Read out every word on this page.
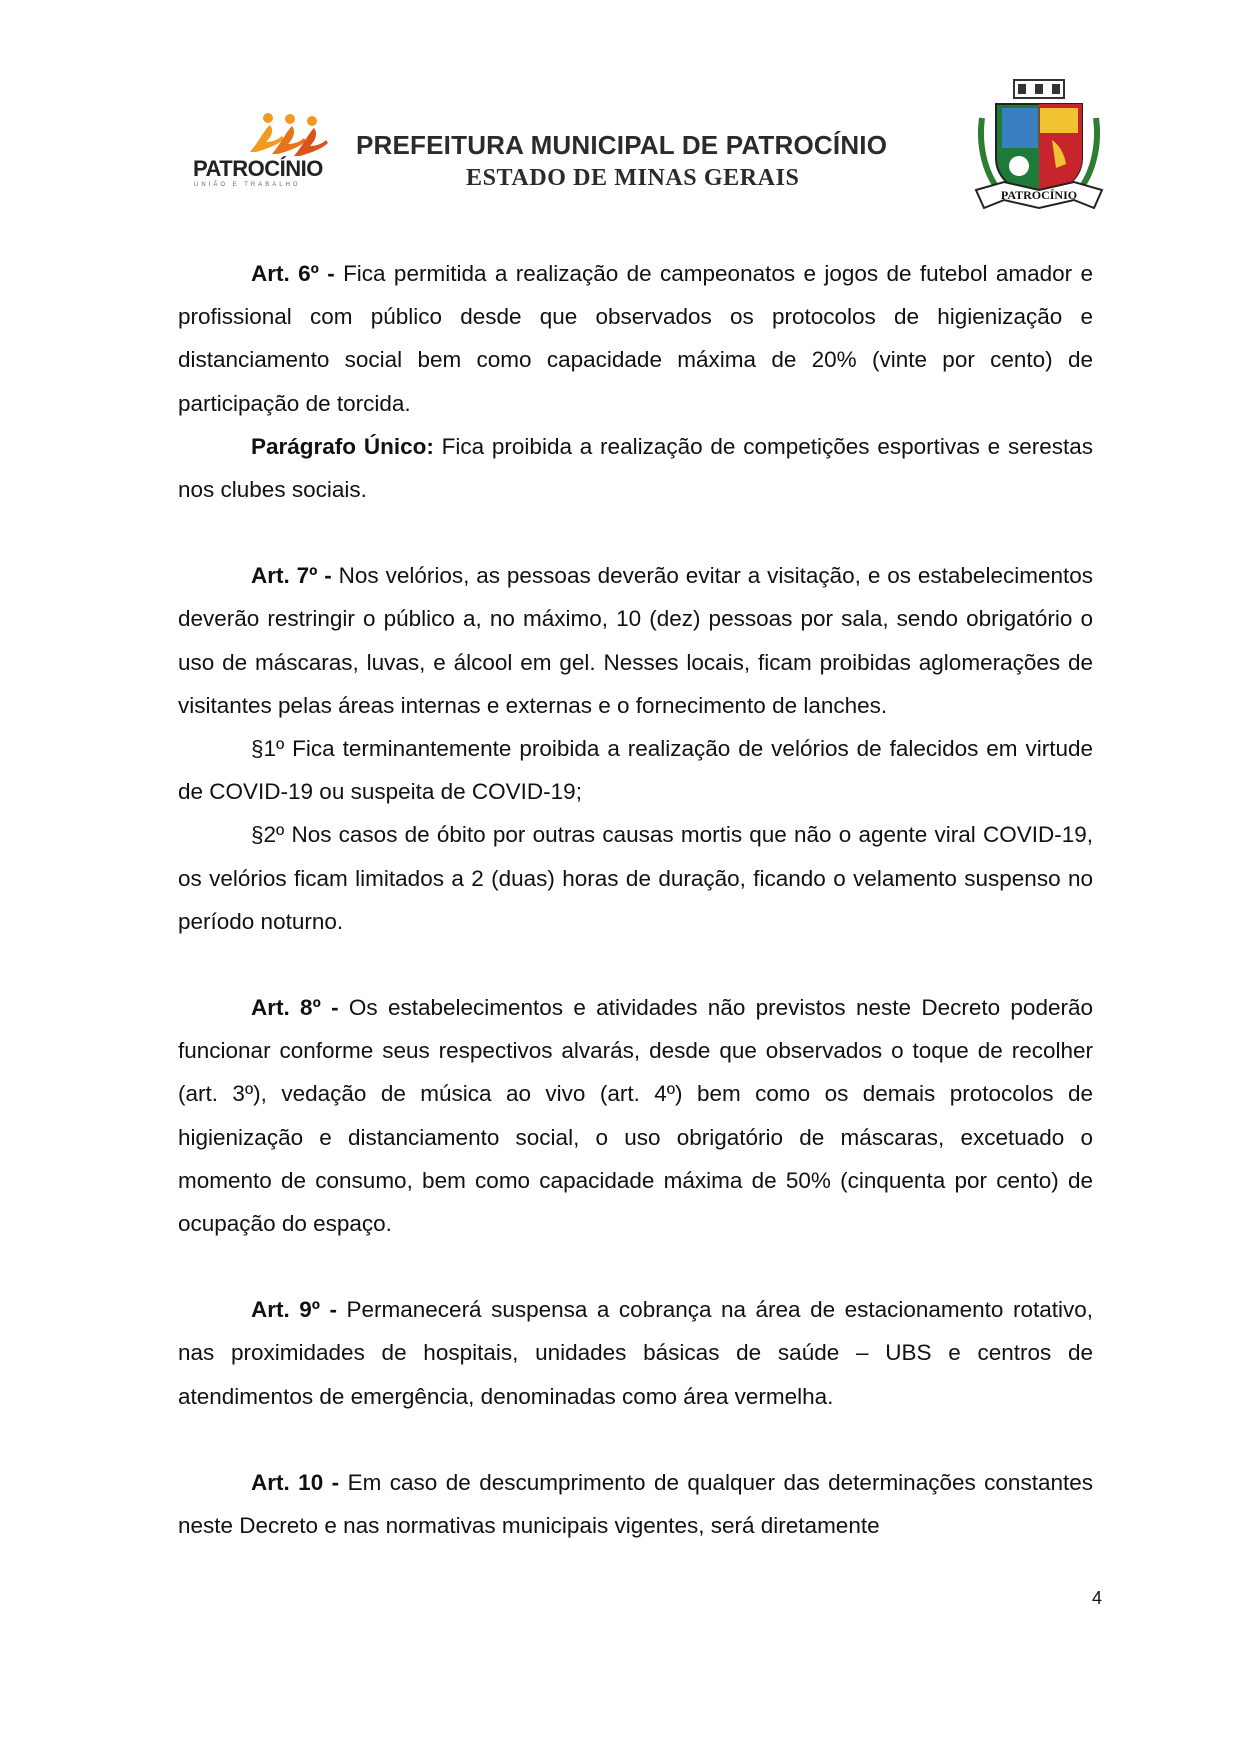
PATROCÍNIO
UNIÃO E TRABALHO
PREFEITURA MUNICIPAL DE PATROCÍNIO
ESTADO DE MINAS GERAIS
PATROCÍNIO

Art. 6º - Fica permitida a realização de campeonatos e jogos de futebol amador e profissional com público desde que observados os protocolos de higienização e distanciamento social bem como capacidade máxima de 20% (vinte por cento) de participação de torcida.

Parágrafo Único: Fica proibida a realização de competições esportivas e serestas nos clubes sociais.

Art. 7º - Nos velórios, as pessoas deverão evitar a visitação, e os estabelecimentos deverão restringir o público a, no máximo, 10 (dez) pessoas por sala, sendo obrigatório o uso de máscaras, luvas, e álcool em gel. Nesses locais, ficam proibidas aglomerações de visitantes pelas áreas internas e externas e o fornecimento de lanches.

§1º Fica terminantemente proibida a realização de velórios de falecidos em virtude de COVID-19 ou suspeita de COVID-19;

§2º Nos casos de óbito por outras causas mortis que não o agente viral COVID-19, os velórios ficam limitados a 2 (duas) horas de duração, ficando o velamento suspenso no período noturno.

Art. 8º - Os estabelecimentos e atividades não previstos neste Decreto poderão funcionar conforme seus respectivos alvarás, desde que observados o toque de recolher (art. 3º), vedação de música ao vivo (art. 4º) bem como os demais protocolos de higienização e distanciamento social, o uso obrigatório de máscaras, excetuado o momento de consumo, bem como capacidade máxima de 50% (cinquenta por cento) de ocupação do espaço.

Art. 9º - Permanecerá suspensa a cobrança na área de estacionamento rotativo, nas proximidades de hospitais, unidades básicas de saúde – UBS e centros de atendimentos de emergência, denominadas como área vermelha.

Art. 10 - Em caso de descumprimento de qualquer das determinações constantes neste Decreto e nas normativas municipais vigentes, será diretamente

4
